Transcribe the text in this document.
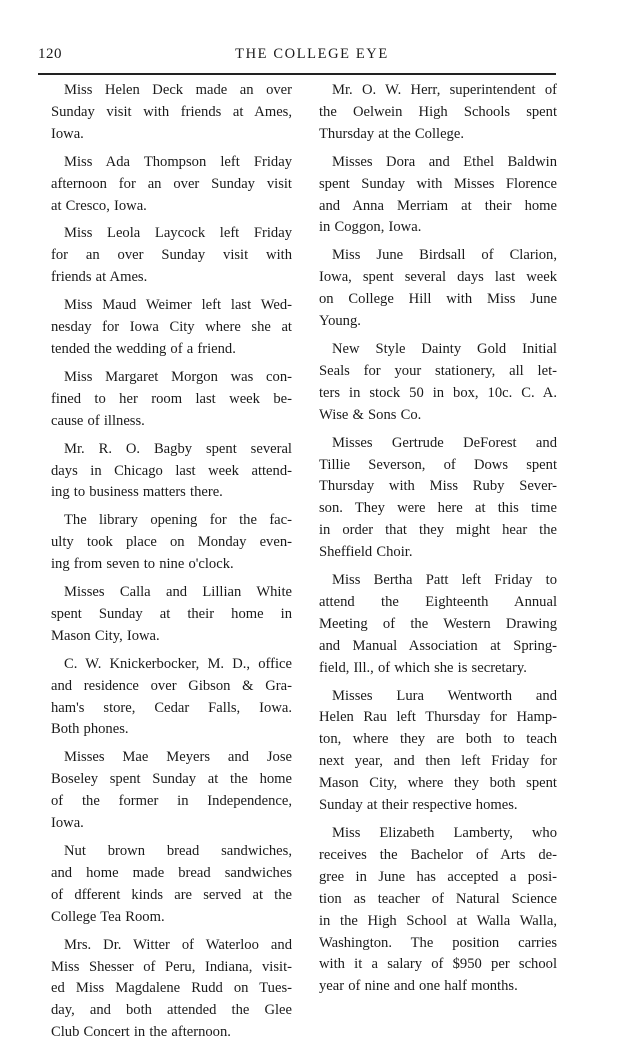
120	THE COLLEGE EYE
Miss Helen Deck made an over
Sunday visit with friends at Ames,
Iowa.
Miss Ada Thompson left Friday
afternoon for an over Sunday visit
at Cresco, Iowa.
Miss Leola Laycock left Friday
for an over Sunday visit with
friends at Ames.
Miss Maud Weimer left last Wed-
nesday for Iowa City where she at
tended the wedding of a friend.
Miss Margaret Morgon was con-
fined to her room last week be-
cause of illness.
Mr. R. O. Bagby spent several
days in Chicago last week attend-
ing to business matters there.
The library opening for the fac-
ulty took place on Monday even-
ing from seven to nine o'clock.
Misses Calla and Lillian White
spent Sunday at their home in
Mason City, Iowa.
C. W. Knickerbocker, M. D., office
and residence over Gibson & Gra-
ham's store, Cedar Falls, Iowa.
Both phones.
Misses Mae Meyers and Jose
Boseley spent Sunday at the home
of the former in Independence,
Iowa.
Nut brown bread sandwiches,
and home made bread sandwiches
of dfferent kinds are served at the
College Tea Room.
Mrs. Dr. Witter of Waterloo and
Miss Shesser of Peru, Indiana, visit-
ed Miss Magdalene Rudd on Tues-
day, and both attended the Glee
Club Concert in the afternoon.
Mr. O. W. Herr, superintendent of
the Oelwein High Schools spent
Thursday at the College.
Misses Dora and Ethel Baldwin
spent Sunday with Misses Florence
and Anna Merriam at their home
in Coggon, Iowa.
Miss June Birdsall of Clarion,
Iowa, spent several days last week
on College Hill with Miss June
Young.
New Style Dainty Gold Initial
Seals for your stationery, all let-
ters in stock 50 in box, 10c. C. A.
Wise & Sons Co.
Misses Gertrude DeForest and
Tillie Severson, of Dows spent
Thursday with Miss Ruby Sever-
son. They were here at this time
in order that they might hear the
Sheffield Choir.
Miss Bertha Patt left Friday to
attend the Eighteenth Annual
Meeting of the Western Drawing
and Manual Association at Spring-
field, Ill., of which she is secretary.
Misses Lura Wentworth and
Helen Rau left Thursday for Hamp-
ton, where they are both to teach
next year, and then left Friday for
Mason City, where they both spent
Sunday at their respective homes.
Miss Elizabeth Lamberty, who
receives the Bachelor of Arts de-
gree in June has accepted a posi-
tion as teacher of Natural Science
in the High School at Walla Walla,
Washington. The position carries
with it a salary of $950 per school
year of nine and one half months.
